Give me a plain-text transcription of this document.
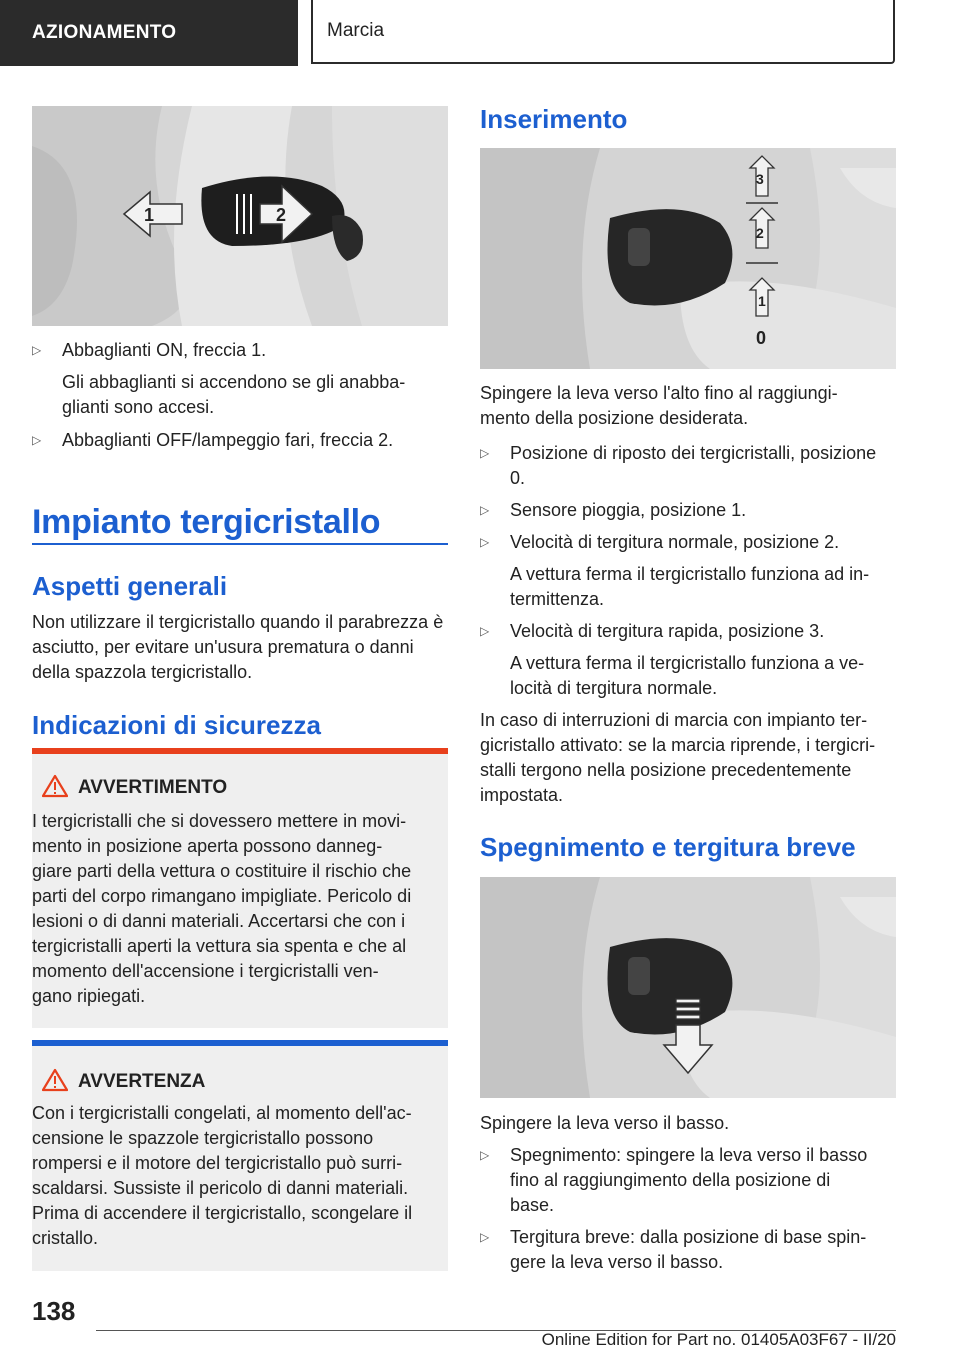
AZIONAMENTO	Marcia
1	2
▷	Abbaglianti ON, freccia 1.
Gli abbaglianti si accendono se gli anabba-
glianti sono accesi.
▷	Abbaglianti OFF/lampeggio fari, freccia 2.
Impianto tergicristallo
Aspetti generali
Non utilizzare il tergicristallo quando il parabrezza è asciutto, per evitare un'usura prematura o danni della spazzola tergicristallo.
Indicazioni di sicurezza
AVVERTIMENTO
I tergicristalli che si dovessero mettere in movi-
mento in posizione aperta possono danneg-
giare parti della vettura o costituire il rischio che
parti del corpo rimangano impigliate. Pericolo di
lesioni o di danni materiali. Accertarsi che con i
tergicristalli aperti la vettura sia spenta e che al
momento dell'accensione i tergicristalli ven-
gano ripiegati.
AVVERTENZA
Con i tergicristalli congelati, al momento dell'ac-
censione le spazzole tergicristallo possono
rompersi e il motore del tergicristallo può surri-
scaldarsi. Sussiste il pericolo di danni materiali.
Prima di accendere il tergicristallo, scongelare il
cristallo.
Inserimento
3
2
1
0
Spingere la leva verso l'alto fino al raggiungi-
mento della posizione desiderata.
▷	Posizione di riposto dei tergicristalli, posizione
0.
▷	Sensore pioggia, posizione 1.
▷	Velocità di tergitura normale, posizione 2.
A vettura ferma il tergicristallo funziona ad in-
termittenza.
▷	Velocità di tergitura rapida, posizione 3.
A vettura ferma il tergicristallo funziona a ve-
locità di tergitura normale.
In caso di interruzioni di marcia con impianto ter-
gicristallo attivato: se la marcia riprende, i tergicri-
stalli tergono nella posizione precedentemente
impostata.
Spegnimento e tergitura breve
Spingere la leva verso il basso.
▷	Spegnimento: spingere la leva verso il basso
fino al raggiungimento della posizione di
base.
▷	Tergitura breve: dalla posizione di base spin-
gere la leva verso il basso.
138
Online Edition for Part no. 01405A03F67 - II/20
